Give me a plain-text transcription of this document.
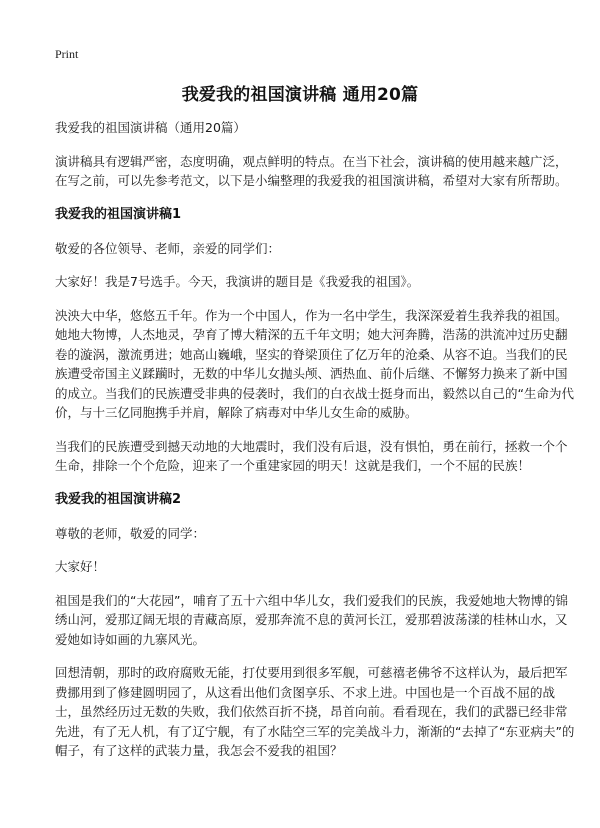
Print
我爱我的祖国演讲稿 通用20篇

我爱我的祖国演讲稿（通用20篇）

演讲稿具有逻辑严密，态度明确，观点鲜明的特点。在当下社会，演讲稿的使用越来越广泛，在写之前，可以先参考范文，以下是小编整理的我爱我的祖国演讲稿，希望对大家有所帮助。

我爱我的祖国演讲稿1

敬爱的各位领导、老师，亲爱的同学们：

大家好！我是7号选手。今天，我演讲的题目是《我爱我的祖国》。

泱泱大中华，悠悠五千年。作为一个中国人，作为一名中学生，我深深爱着生我养我的祖国。她地大物博，人杰地灵，孕育了博大精深的五千年文明；她大河奔腾，浩荡的洪流冲过历史翻卷的漩涡，激流勇进；她高山巍峨，坚实的脊梁顶住了亿万年的沧桑、从容不迫。当我们的民族遭受帝国主义蹂躏时，无数的中华儿女抛头颅、洒热血、前仆后继、不懈努力换来了新中国的成立。当我们的民族遭受非典的侵袭时，我们的白衣战士挺身而出，毅然以自己的“生命为代价，与十三亿同胞携手并肩，解除了病毒对中华儿女生命的威胁。

当我们的民族遭受到撼天动地的大地震时，我们没有后退，没有惧怕，勇在前行，拯救一个个生命，排除一个个危险，迎来了一个重建家园的明天！这就是我们，一个不屈的民族！

我爱我的祖国演讲稿2

尊敬的老师，敬爱的同学：

大家好！

祖国是我们的“大花园”，哺育了五十六组中华儿女，我们爱我们的民族，我爱她地大物博的锦绣山河，爱那辽阔无垠的青藏高原，爱那奔流不息的黄河长江，爱那碧波荡漾的桂林山水，又爱她如诗如画的九寨风光。

回想清朝，那时的政府腐败无能，打仗要用到很多军舰，可慈禧老佛爷不这样认为，最后把军费挪用到了修建圆明园了，从这看出他们贪图享乐、不求上进。中国也是一个百战不屈的战士，虽然经历过无数的失败，我们依然百折不挠，昂首向前。看看现在，我们的武器已经非常先进，有了无人机，有了辽宁舰，有了水陆空三军的完美战斗力，渐渐的“去掉了“东亚病夫”的帽子，有了这样的武装力量，我怎会不爱我的祖国？
